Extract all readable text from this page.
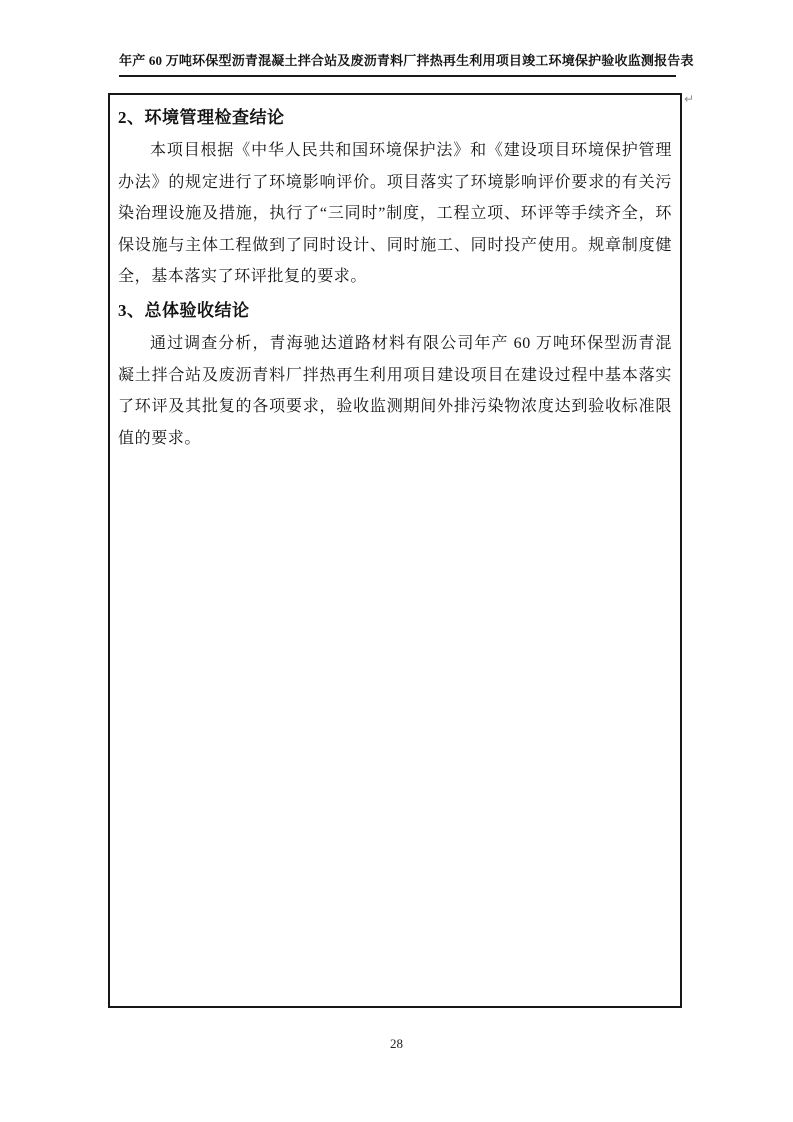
年产 60 万吨环保型沥青混凝土拌合站及废沥青料厂拌热再生利用项目竣工环境保护验收监测报告表
↵
2、环境管理检查结论

本项目根据《中华人民共和国环境保护法》和《建设项目环境保护管理办法》的规定进行了环境影响评价。项目落实了环境影响评价要求的有关污染治理设施及措施，执行了“三同时”制度，工程立项、环评等手续齐全，环保设施与主体工程做到了同时设计、同时施工、同时投产使用。规章制度健全，基本落实了环评批复的要求。

3、总体验收结论

通过调查分析，青海驰达道路材料有限公司年产 60 万吨环保型沥青混凝土拌合站及废沥青料厂拌热再生利用项目建设项目在建设过程中基本落实了环评及其批复的各项要求，验收监测期间外排污染物浓度达到验收标准限值的要求。

28
